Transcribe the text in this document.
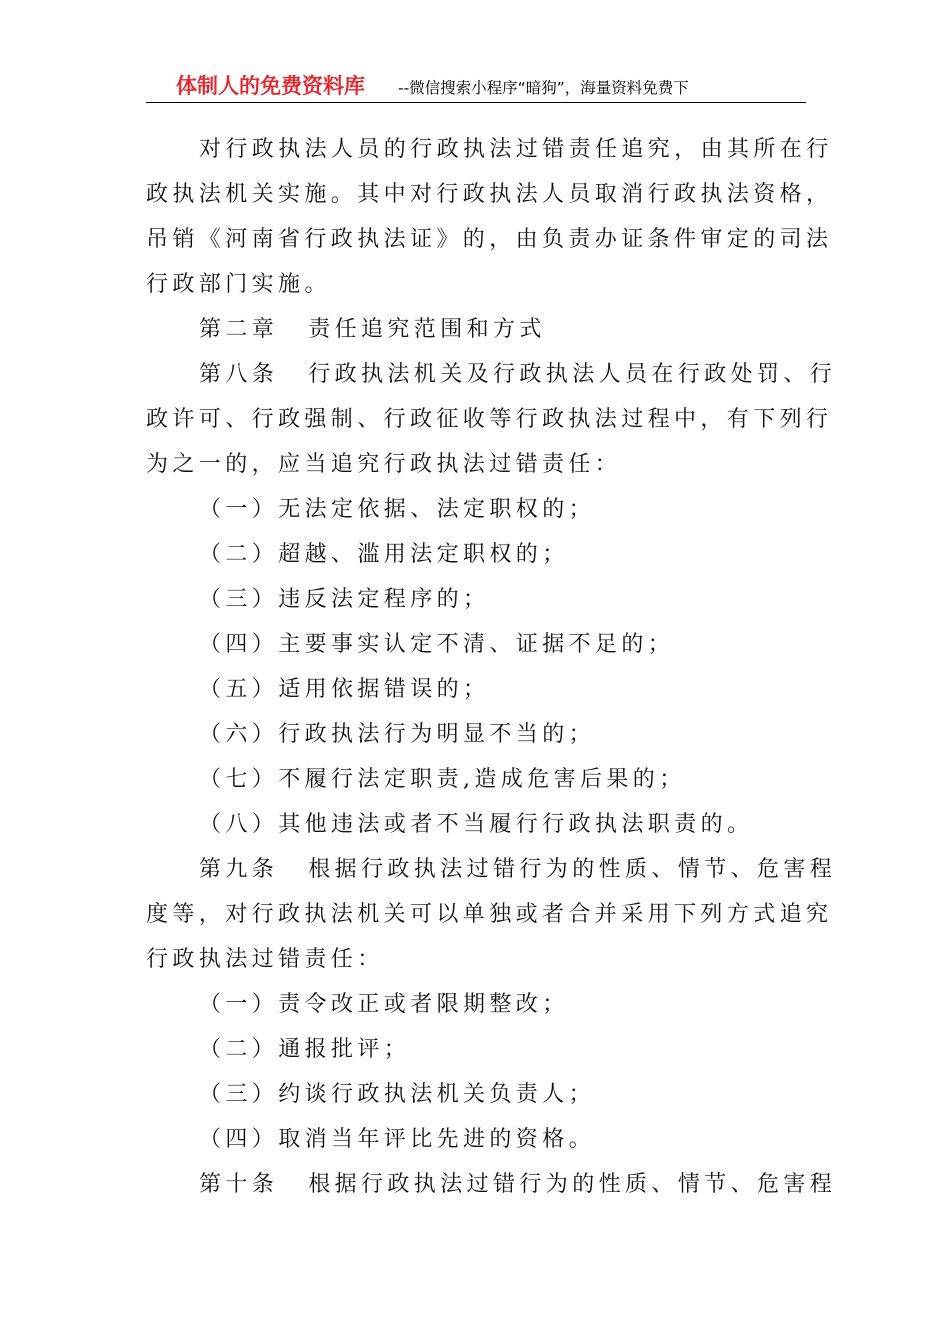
体制人的免费资料库 --微信搜索小程序“暗狗”，海量资料免费下
对行政执法人员的行政执法过错责任追究，由其所在行
政执法机关实施。其中对行政执法人员取消行政执法资格，
吊销《河南省行政执法证》的，由负责办证条件审定的司法
行政部门实施。
第二章 责任追究范围和方式
第八条 行政执法机关及行政执法人员在行政处罚、行
政许可、行政强制、行政征收等行政执法过程中，有下列行
为之一的，应当追究行政执法过错责任：
（一）无法定依据、法定职权的；
（二）超越、滥用法定职权的；
（三）违反法定程序的；
（四）主要事实认定不清、证据不足的；
（五）适用依据错误的；
（六）行政执法行为明显不当的；
（七）不履行法定职责,造成危害后果的；
（八）其他违法或者不当履行行政执法职责的。
第九条 根据行政执法过错行为的性质、情节、危害程
度等，对行政执法机关可以单独或者合并采用下列方式追究
行政执法过错责任：
（一）责令改正或者限期整改；
（二）通报批评；
（三）约谈行政执法机关负责人；
（四）取消当年评比先进的资格。
第十条 根据行政执法过错行为的性质、情节、危害程
